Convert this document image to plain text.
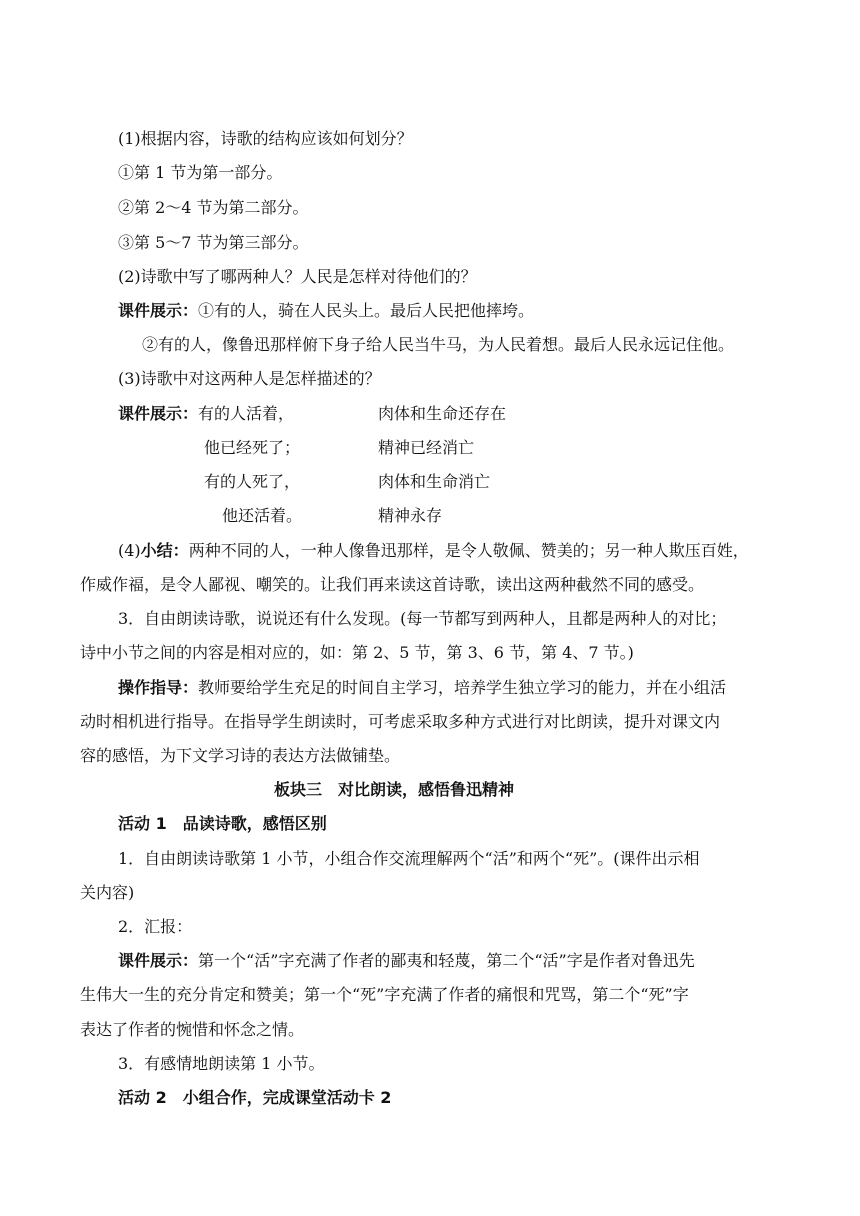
(1)根据内容，诗歌的结构应该如何划分？
①第 1 节为第一部分。
②第 2～4 节为第二部分。
③第 5～7 节为第三部分。
(2)诗歌中写了哪两种人？人民是怎样对待他们的？
课件展示：①有的人，骑在人民头上。最后人民把他摔垮。
②有的人，像鲁迅那样俯下身子给人民当牛马，为人民着想。最后人民永远记住他。
(3)诗歌中对这两种人是怎样描述的？
课件展示：有的人活着，	肉体和生命还存在
他已经死了；	精神已经消亡
有的人死了，	肉体和生命消亡
他还活着。	精神永存
(4)小结：两种不同的人，一种人像鲁迅那样，是令人敬佩、赞美的；另一种人欺压百姓，
作威作福，是令人鄙视、嘲笑的。让我们再来读这首诗歌，读出这两种截然不同的感受。
3．自由朗读诗歌，说说还有什么发现。(每一节都写到两种人，且都是两种人的对比；
诗中小节之间的内容是相对应的，如：第 2、5 节，第 3、6 节，第 4、7 节。)
操作指导：教师要给学生充足的时间自主学习，培养学生独立学习的能力，并在小组活
动时相机进行指导。在指导学生朗读时，可考虑采取多种方式进行对比朗读，提升对课文内
容的感悟，为下文学习诗的表达方法做铺垫。
板块三　对比朗读，感悟鲁迅精神
活动 1　品读诗歌，感悟区别
1．自由朗读诗歌第 1 小节，小组合作交流理解两个“活”和两个“死”。(课件出示相
关内容)
2．汇报：
课件展示：第一个“活”字充满了作者的鄙夷和轻蔑，第二个“活”字是作者对鲁迅先
生伟大一生的充分肯定和赞美；第一个“死”字充满了作者的痛恨和咒骂，第二个“死”字
表达了作者的惋惜和怀念之情。
3．有感情地朗读第 1 小节。
活动 2　小组合作，完成课堂活动卡 2
